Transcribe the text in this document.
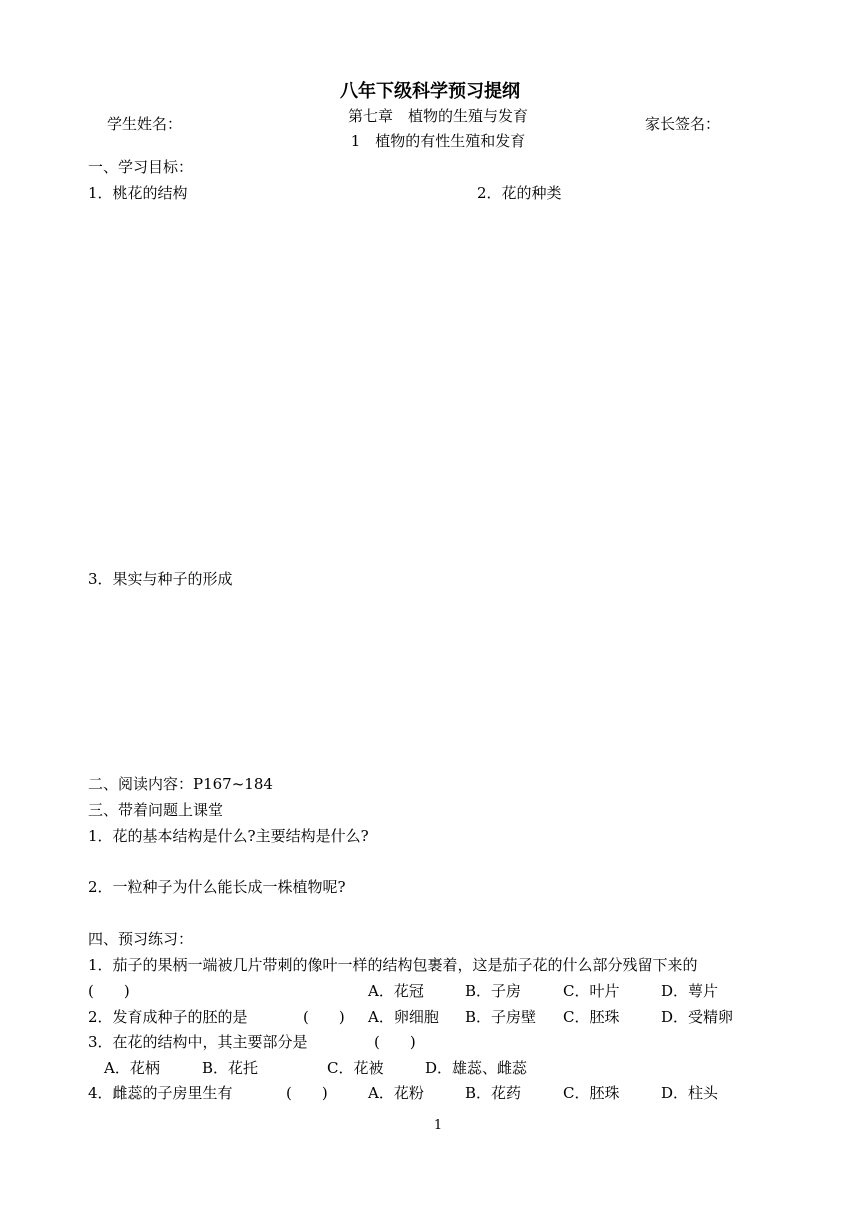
八年下级科学预习提纲
学生姓名：	家长签名：
第七章　植物的生殖与发育
1　植物的有性生殖和发育
一、学习目标：
1．桃花的结构	2．花的种类
3．果实与种子的形成
二、阅读内容：P167~184
三、带着问题上课堂
1．花的基本结构是什么?主要结构是什么?
2．一粒种子为什么能长成一株植物呢?
四、预习练习：
1．茄子的果柄一端被几片带刺的像叶一样的结构包裹着，这是茄子花的什么部分残留下来的
(　　)	A．花冠	B．子房	C．叶片	D．萼片
2．发育成种子的胚的是	(　　) A．卵细胞 B．子房壁 C．胚珠	D．受精卵
3．在花的结构中，其主要部分是	(　　)
A．花柄	B．花托	C．花被	D．雄蕊、雌蕊
4．雌蕊的子房里生有	(　　)	A．花粉	B．花药	C．胚珠	D．柱头
1
